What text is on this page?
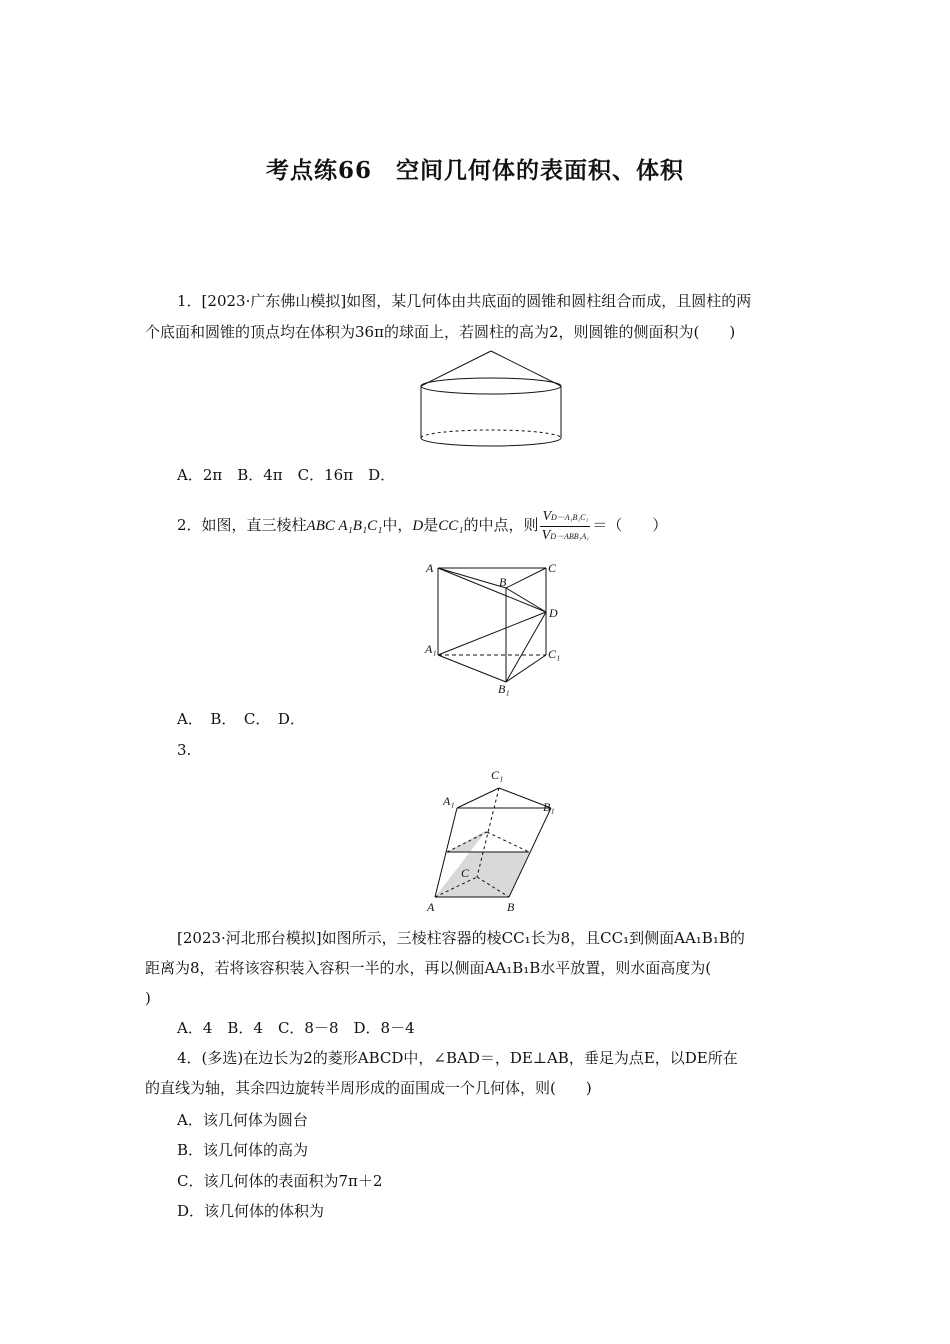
考点练66　空间几何体的表面积、体积
1．[2023·广东佛山模拟]如图，某几何体由共底面的圆锥和圆柱组合而成，且圆柱的两
个底面和圆锥的顶点均在体积为36π的球面上，若圆柱的高为2，则圆锥的侧面积为(　　)
A．2π　B．4π　C．16π　D．
2．如图，直三棱柱ABC A₁B₁C₁中，D是CC₁的中点，则 $\frac{\text{VD－A₁B₁C₁}}{\text{VD－ABB₁A₁}}$ ＝（　　）
A
B
C
D
A₁	C₁
B₁
A．　B．　C．　D．
3.
C₁
A₁	B₁
C
A	B
[2023·河北邢台模拟]如图所示，三棱柱容器的棱CC₁长为8，且CC₁到侧面AA₁B₁B的
距离为8，若将该容积装入容积一半的水，再以侧面AA₁B₁B水平放置，则水面高度为(
)
A．4　B．4　C．8－8　D．8－4
4．(多选)在边长为2的菱形ABCD中，∠BAD＝，DE⊥AB，垂足为点E，以DE所在
的直线为轴，其余四边旋转半周形成的面围成一个几何体，则(　　)
A．该几何体为圆台
B．该几何体的高为
C．该几何体的表面积为7π＋2
D．该几何体的体积为
